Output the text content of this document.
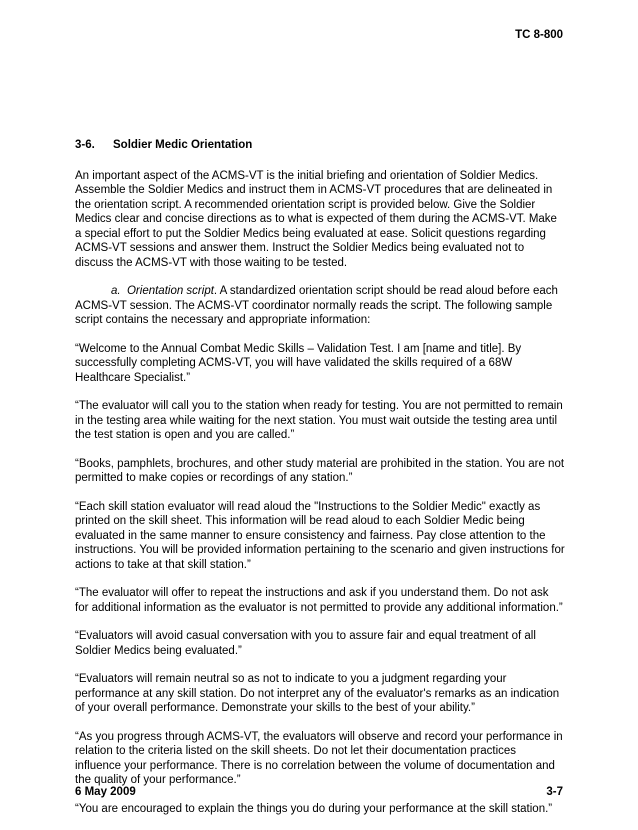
TC 8-800
3-6. Soldier Medic Orientation

An important aspect of the ACMS-VT is the initial briefing and orientation of Soldier Medics. Assemble the Soldier Medics and instruct them in ACMS-VT procedures that are delineated in the orientation script. A recommended orientation script is provided below. Give the Soldier Medics clear and concise directions as to what is expected of them during the ACMS-VT. Make a special effort to put the Soldier Medics being evaluated at ease. Solicit questions regarding ACMS-VT sessions and answer them. Instruct the Soldier Medics being evaluated not to discuss the ACMS-VT with those waiting to be tested.

a. Orientation script. A standardized orientation script should be read aloud before each ACMS-VT session. The ACMS-VT coordinator normally reads the script. The following sample script contains the necessary and appropriate information:

“Welcome to the Annual Combat Medic Skills – Validation Test. I am [name and title]. By successfully completing ACMS-VT, you will have validated the skills required of a 68W Healthcare Specialist.”

“The evaluator will call you to the station when ready for testing. You are not permitted to remain in the testing area while waiting for the next station. You must wait outside the testing area until the test station is open and you are called.”

“Books, pamphlets, brochures, and other study material are prohibited in the station. You are not permitted to make copies or recordings of any station.”

“Each skill station evaluator will read aloud the "Instructions to the Soldier Medic" exactly as printed on the skill sheet. This information will be read aloud to each Soldier Medic being evaluated in the same manner to ensure consistency and fairness. Pay close attention to the instructions. You will be provided information pertaining to the scenario and given instructions for actions to take at that skill station.”

“The evaluator will offer to repeat the instructions and ask if you understand them. Do not ask for additional information as the evaluator is not permitted to provide any additional information.”

“Evaluators will avoid casual conversation with you to assure fair and equal treatment of all Soldier Medics being evaluated.”

“Evaluators will remain neutral so as not to indicate to you a judgment regarding your performance at any skill station. Do not interpret any of the evaluator's remarks as an indication of your overall performance. Demonstrate your skills to the best of your ability.”

“As you progress through ACMS-VT, the evaluators will observe and record your performance in relation to the criteria listed on the skill sheets. Do not let their documentation practices influence your performance. There is no correlation between the volume of documentation and the quality of your performance.”

“You are encouraged to explain the things you do during your performance at the skill station.”

6 May 2009	3-7
